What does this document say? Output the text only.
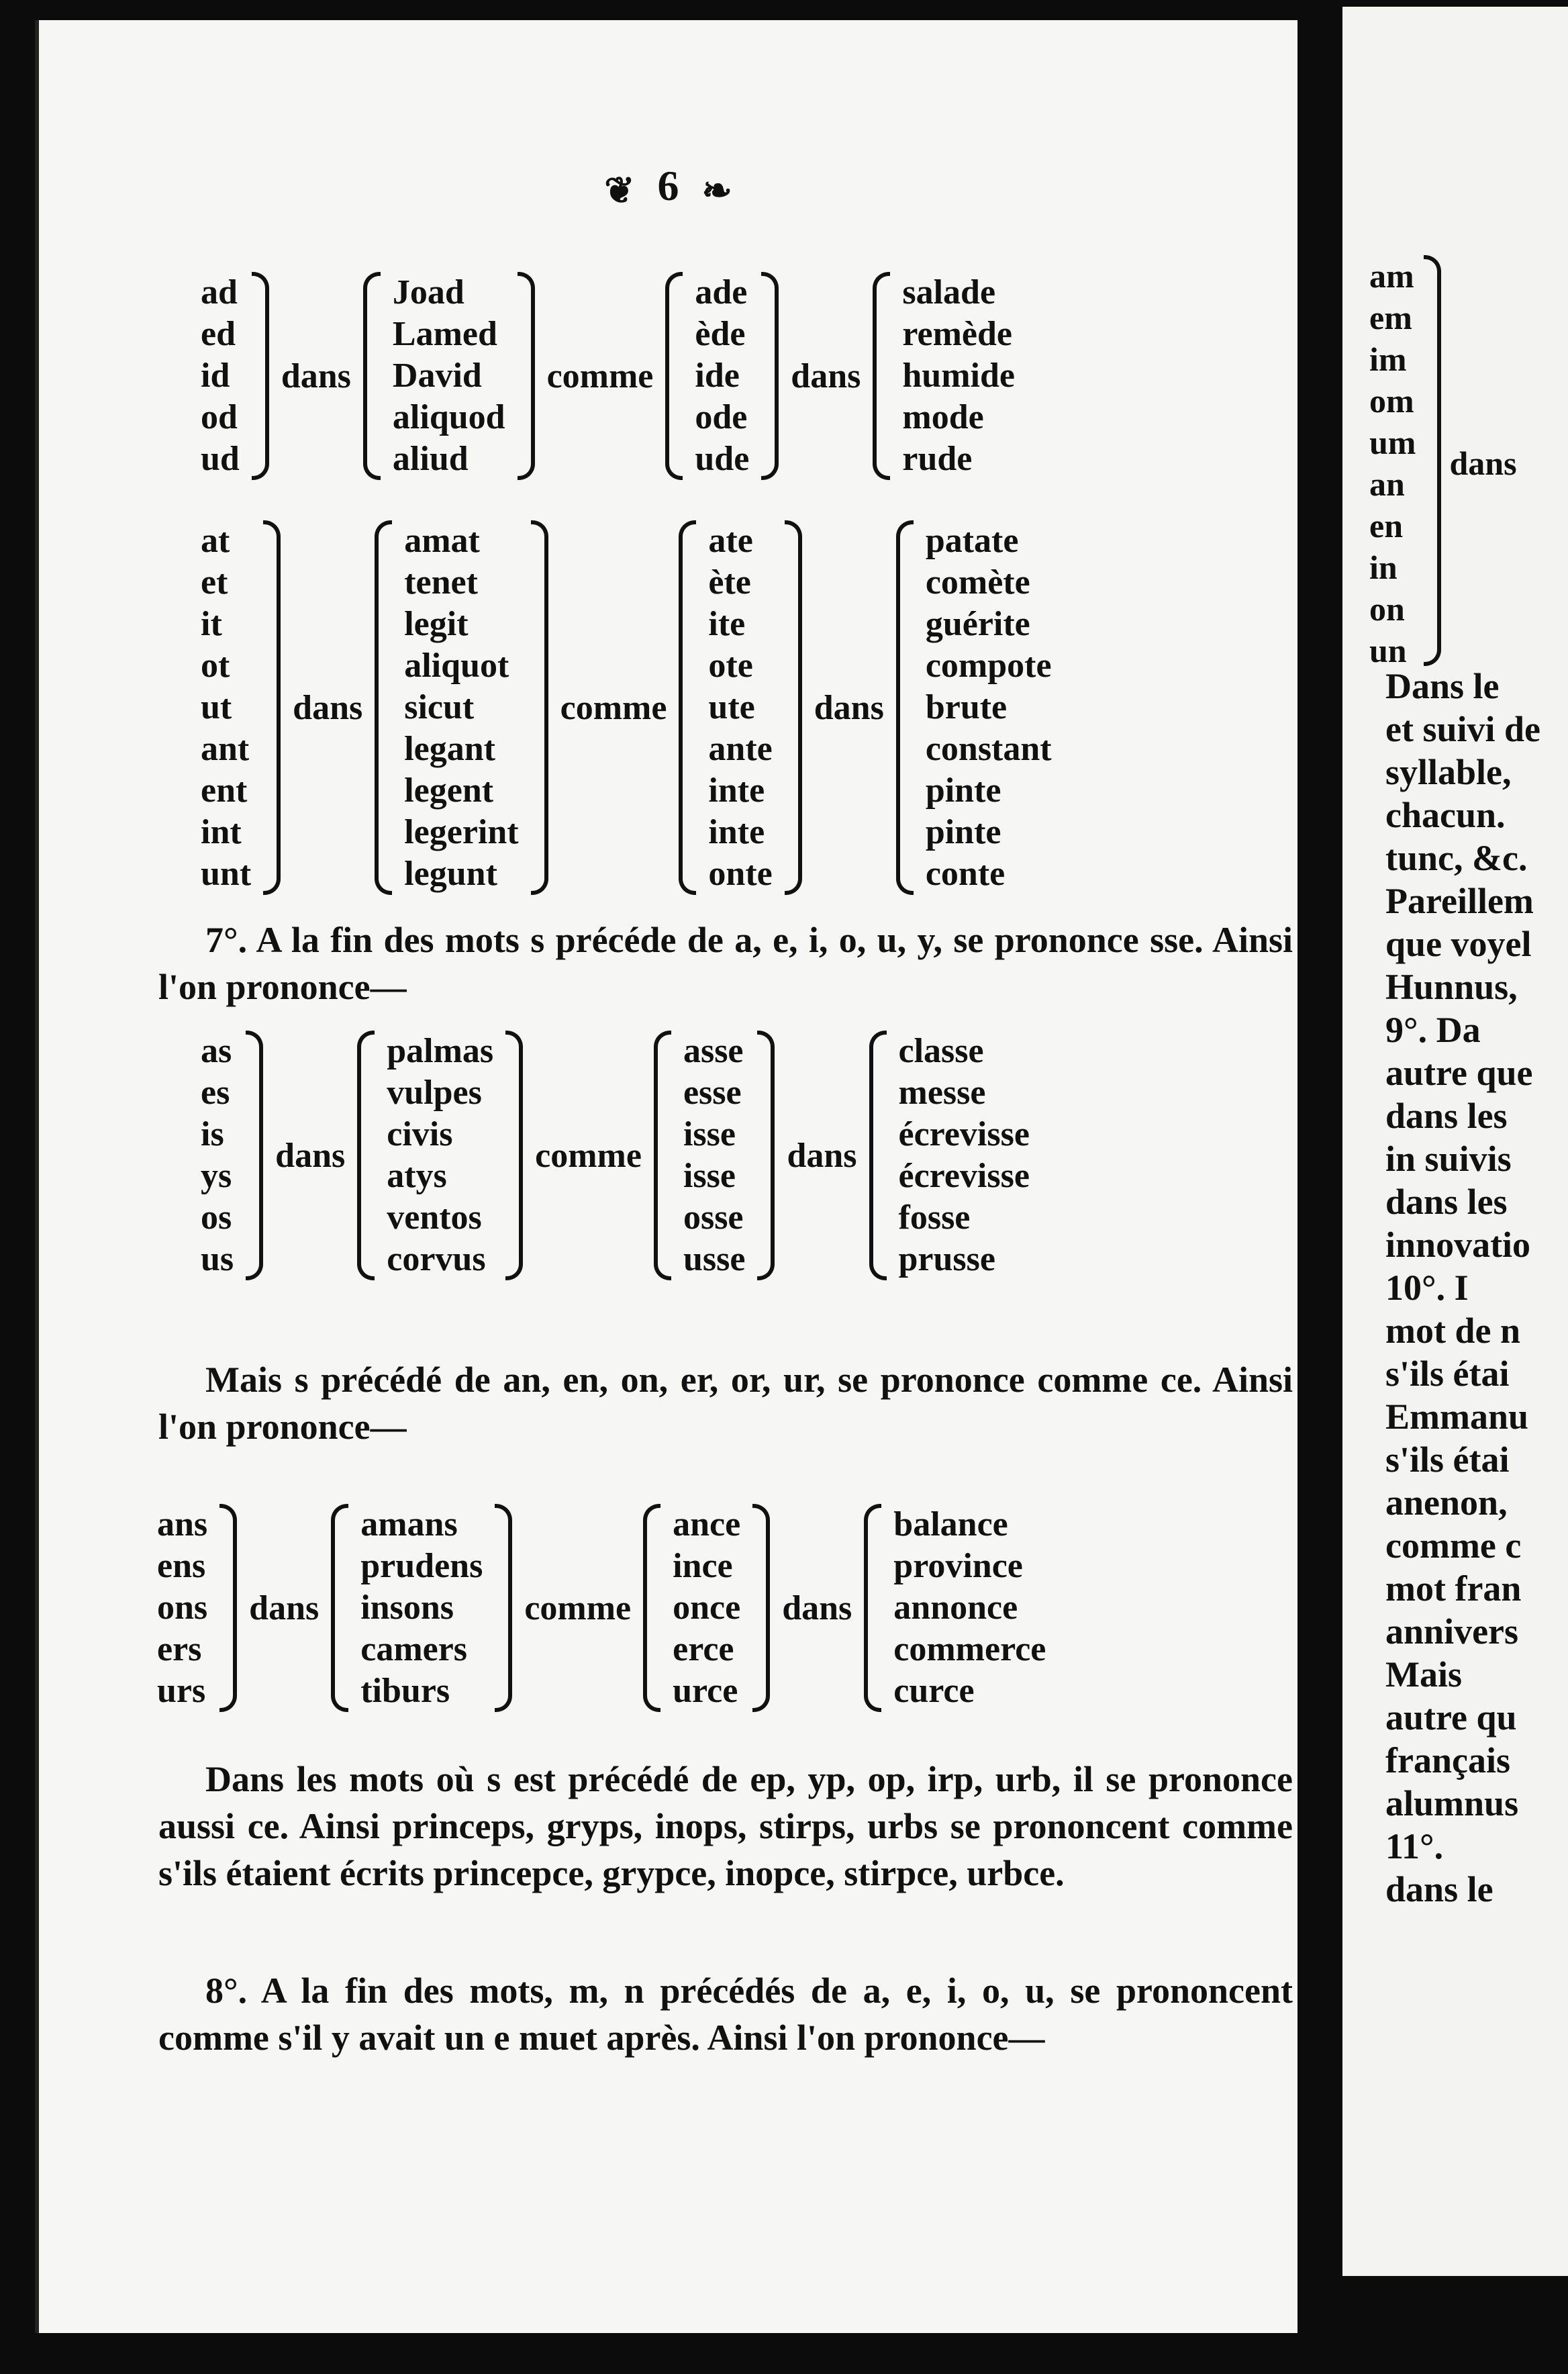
❦ 6 ❧
ad
ed
id
od
ud
dans
Joad
Lamed
David
aliquod
aliud
comme
ade
ède
ide
ode
ude
dans
salade
remède
humide
mode
rude
at
et
it
ot
ut
ant
ent
int
unt
dans
amat
tenet
legit
aliquot
sicut
legant
legent
legerint
legunt
comme
ate
ète
ite
ote
ute
ante
inte
inte
onte
dans
patate
comète
guérite
compote
brute
constant
pinte
pinte
conte
as
es
is
ys
os
us
dans
palmas
vulpes
civis
atys
ventos
corvus
comme
asse
esse
isse
isse
osse
usse
dans
classe
messe
écrevisse
écrevisse
fosse
prusse
ans
ens
ons
ers
urs
dans
amans
prudens
insons
camers
tiburs
comme
ance
ince
once
erce
urce
dans
balance
province
annonce
commerce
curce
7°. A la fin des mots s précéde de a, e, i, o, u, y, se prononce sse. Ainsi l'on prononce—
Mais s précédé de an, en, on, er, or, ur, se prononce comme ce. Ainsi l'on prononce—
Dans les mots où s est précédé de ep, yp, op, irp, urb, il se prononce aussi ce. Ainsi princeps, gryps, inops, stirps, urbs se prononcent comme s'ils étaient écrits princepce, grypce, inopce, stirpce, urbce.
8°. A la fin des mots, m, n précédés de a, e, i, o, u, se prononcent comme s'il y avait un e muet après. Ainsi l'on prononce—
am
em
im
om
um
an
en
in
on
un
dans
Dans le
et suivi de
syllable,
chacun.
tunc, &c.
Pareillem
que voyel
Hunnus,
9°. Da
autre que
dans les
in suivis
dans les
innovatio
10°. I
mot de n
s'ils étai
Emmanu
s'ils étai
anenon,
comme c
mot fran
annivers
Mais
autre qu
français
alumnus
11°.
dans le
